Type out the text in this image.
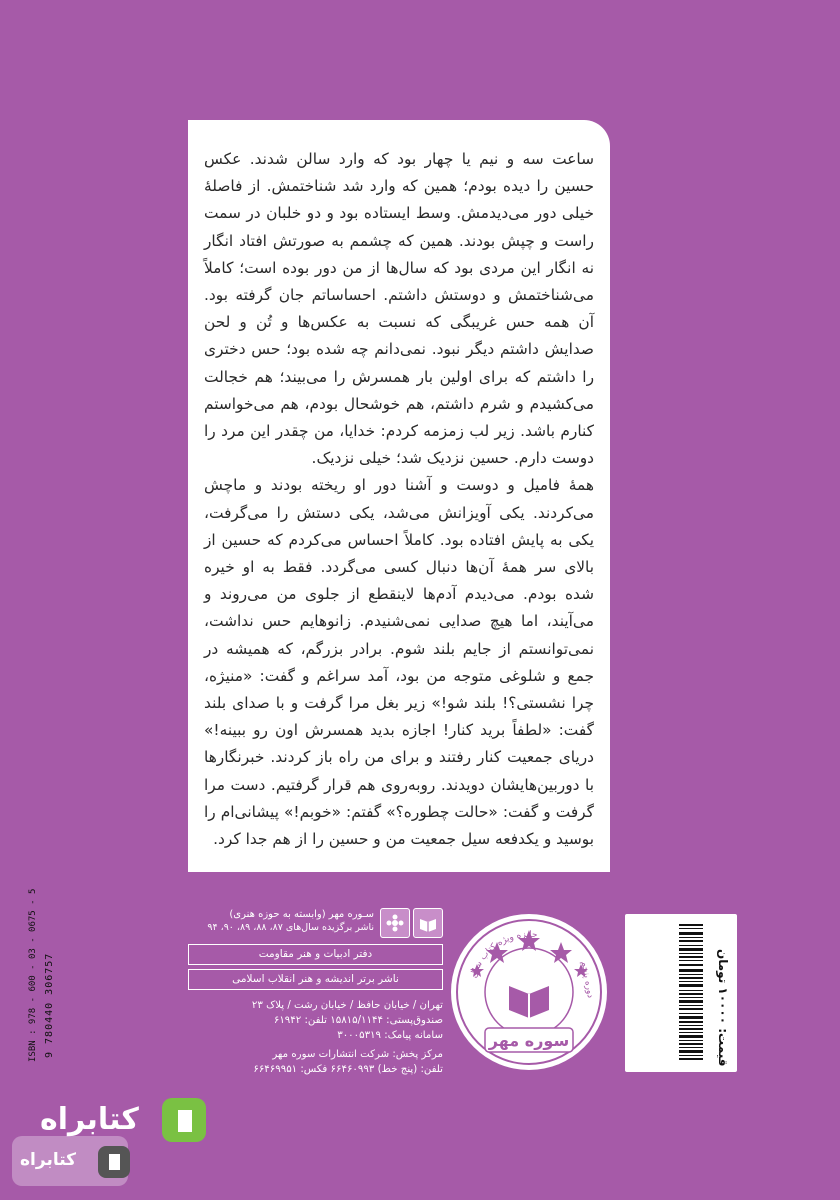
ساعت سه و نیم یا چهار بود که وارد سالن شدند. عکس حسین را دیده بودم؛ همین که وارد شد شناختمش. از فاصلهٔ خیلی دور می‌دیدمش. وسط ایستاده بود و دو خلبان در سمت راست و چپش بودند. همین که چشمم به صورتش افتاد انگار نه انگار این مردی بود که سال‌ها از من دور بوده است؛ کاملاً می‌شناختمش و دوستش داشتم. احساساتم جان گرفته بود. آن همه حس غریبگی که نسبت به عکس‌ها و تُن و لحن صدایش داشتم دیگر نبود. نمی‌دانم چه شده بود؛ حس دختری را داشتم که برای اولین بار همسرش را می‌بیند؛ هم خجالت می‌کشیدم و شرم داشتم، هم خوشحال بودم، هم می‌خواستم کنارم باشد. زیر لب زمزمه کردم: خدایا، من چقدر این مرد را دوست دارم. حسین نزدیک شد؛ خیلی نزدیک.

همهٔ فامیل و دوست و آشنا دور او ریخته بودند و ماچش می‌کردند. یکی آویزانش می‌شد، یکی دستش را می‌گرفت، یکی به پایش افتاده بود. کاملاً احساس می‌کردم که حسین از بالای سر همهٔ آن‌ها دنبال کسی می‌گردد. فقط به او خیره شده بودم. می‌دیدم آدم‌ها لاینقطع از جلوی من می‌روند و می‌آیند، اما هیچ صدایی نمی‌شنیدم. زانوهایم حس نداشت، نمی‌توانستم از جایم بلند شوم. برادر بزرگم، که همیشه در جمع و شلوغی متوجه من بود، آمد سراغم و گفت: «منیژه، چرا نشستی؟! بلند شو!» زیر بغل مرا گرفت و با صدای بلند گفت: «لطفاً برید کنار! اجازه بدید همسرش اون رو ببینه!» دریای جمعیت کنار رفتند و برای من راه باز کردند. خبرنگارها با دوربین‌هایشان دویدند. روبه‌روی هم قرار گرفتیم. دست مرا گرفت و گفت: «حالت چطوره؟» گفتم: «خوبم!» پیشانی‌ام را بوسید و یکدفعه سیل جمعیت من و حسین را از هم جدا کرد.

سـوره مهر (وابسته به حوزه هنری)
ناشر برگزیده سال‌های ۸۷، ۸۸، ۸۹، ۹۰، ۹۴
دفتر ادبیات و هنر مقاومت
ناشر برتر اندیشه و هنر انقلاب اسلامی
تهران / خیابان حافظ / خیابان رشت / پلاک ۲۳
صندوق‌پستی: ۱۵۸۱۵/۱۱۴۴ تلفن: ۶۱۹۴۲
سامانه پیامک: ۳۰۰۰۵۳۱۹
مرکز پخش: شرکت انتشارات سوره مهر
تلفن: (پنج خط) ۶۶۴۶۰۹۹۳ فکس: ۶۶۴۶۹۹۵۱
جایزه ویژه کتاب سال
دوره پنجم
سوره مهر
ISBN : 978 - 600 - 03 - 0675 - 5 9 780440 306757	قیمت: ۱۰۰۰۰ تومان
کتابراه
کتابراه
